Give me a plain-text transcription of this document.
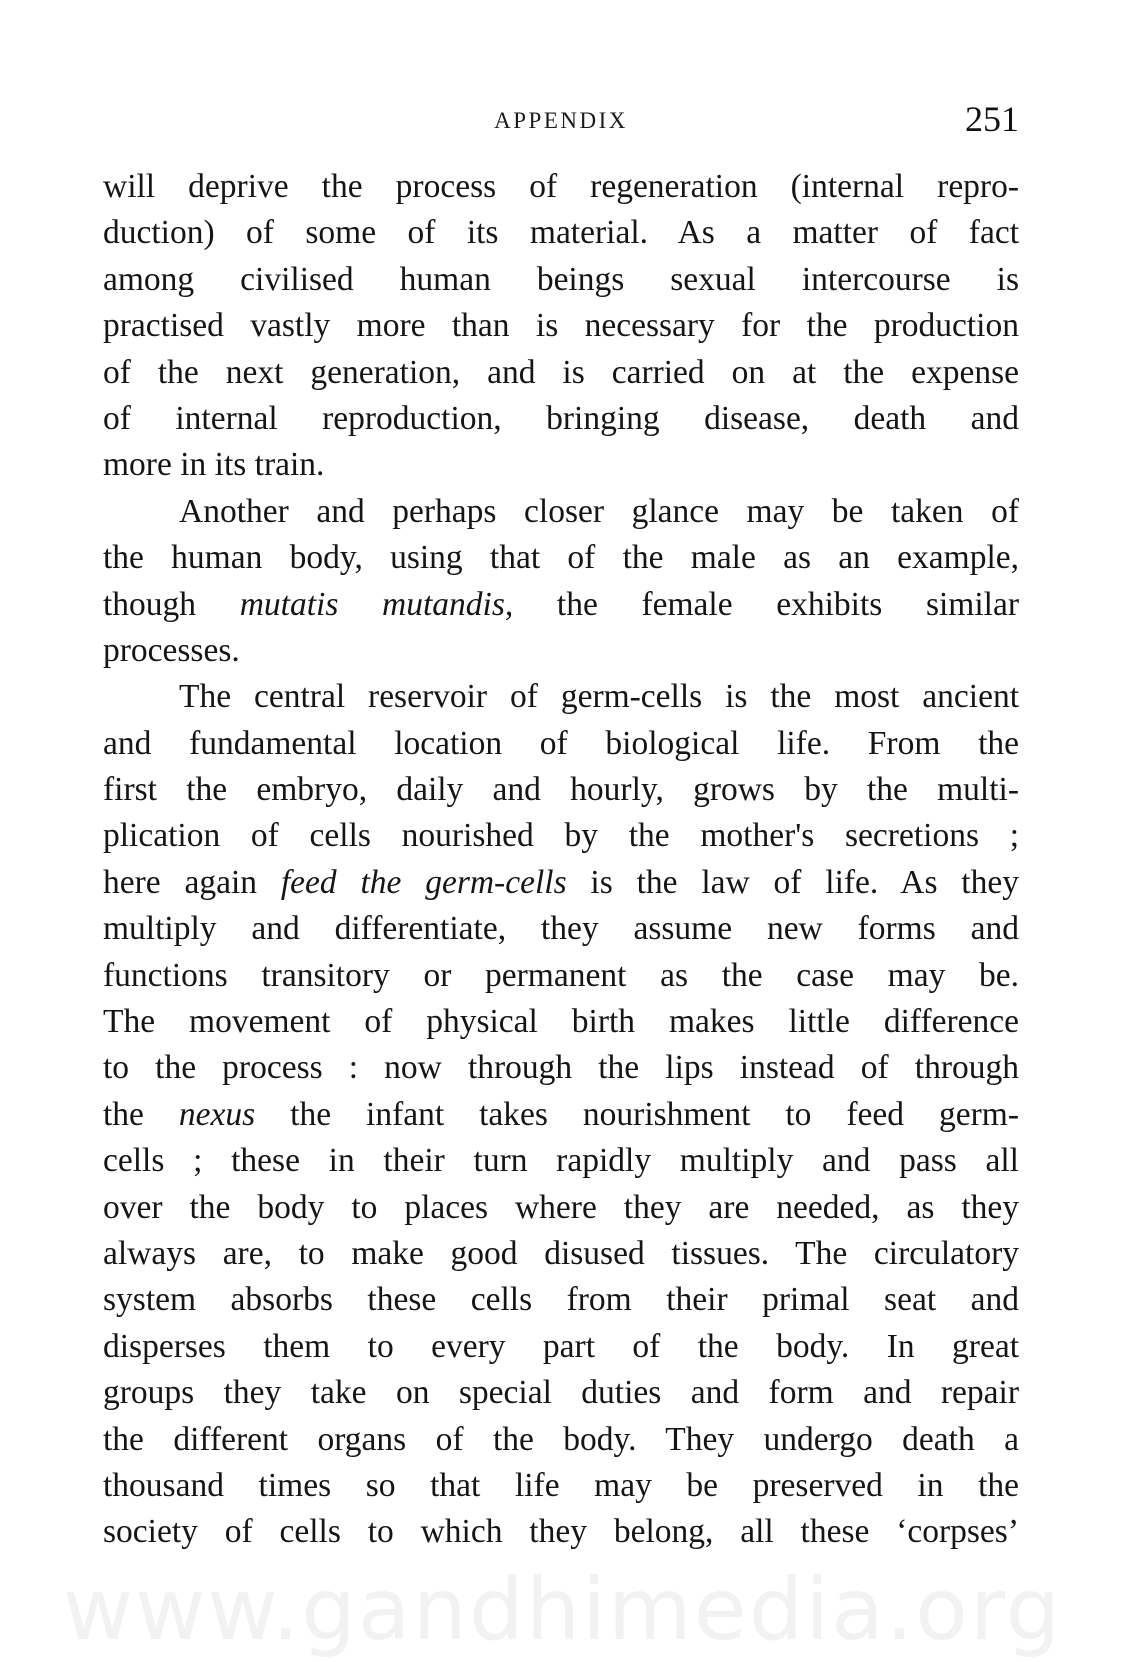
APPENDIX	251
will deprive the process of regeneration (internal repro-
duction) of some of its material. As a matter of fact
among civilised human beings sexual intercourse is
practised vastly more than is necessary for the production
of the next generation, and is carried on at the expense
of internal reproduction, bringing disease, death and
more in its train.
Another and perhaps closer glance may be taken of
the human body, using that of the male as an example,
though mutatis mutandis, the female exhibits similar
processes.
The central reservoir of germ-cells is the most ancient
and fundamental location of biological life. From the
first the embryo, daily and hourly, grows by the multi-
plication of cells nourished by the mother's secretions ;
here again feed the germ-cells is the law of life. As they
multiply and differentiate, they assume new forms and
functions transitory or permanent as the case may be.
The movement of physical birth makes little difference
to the process : now through the lips instead of through
the nexus the infant takes nourishment to feed germ-
cells ; these in their turn rapidly multiply and pass all
over the body to places where they are needed, as they
always are, to make good disused tissues. The circulatory
system absorbs these cells from their primal seat and
disperses them to every part of the body. In great
groups they take on special duties and form and repair
the different organs of the body. They undergo death a
thousand times so that life may be preserved in the
society of cells to which they belong, all these ‘corpses’
www.gandhimedia.org
